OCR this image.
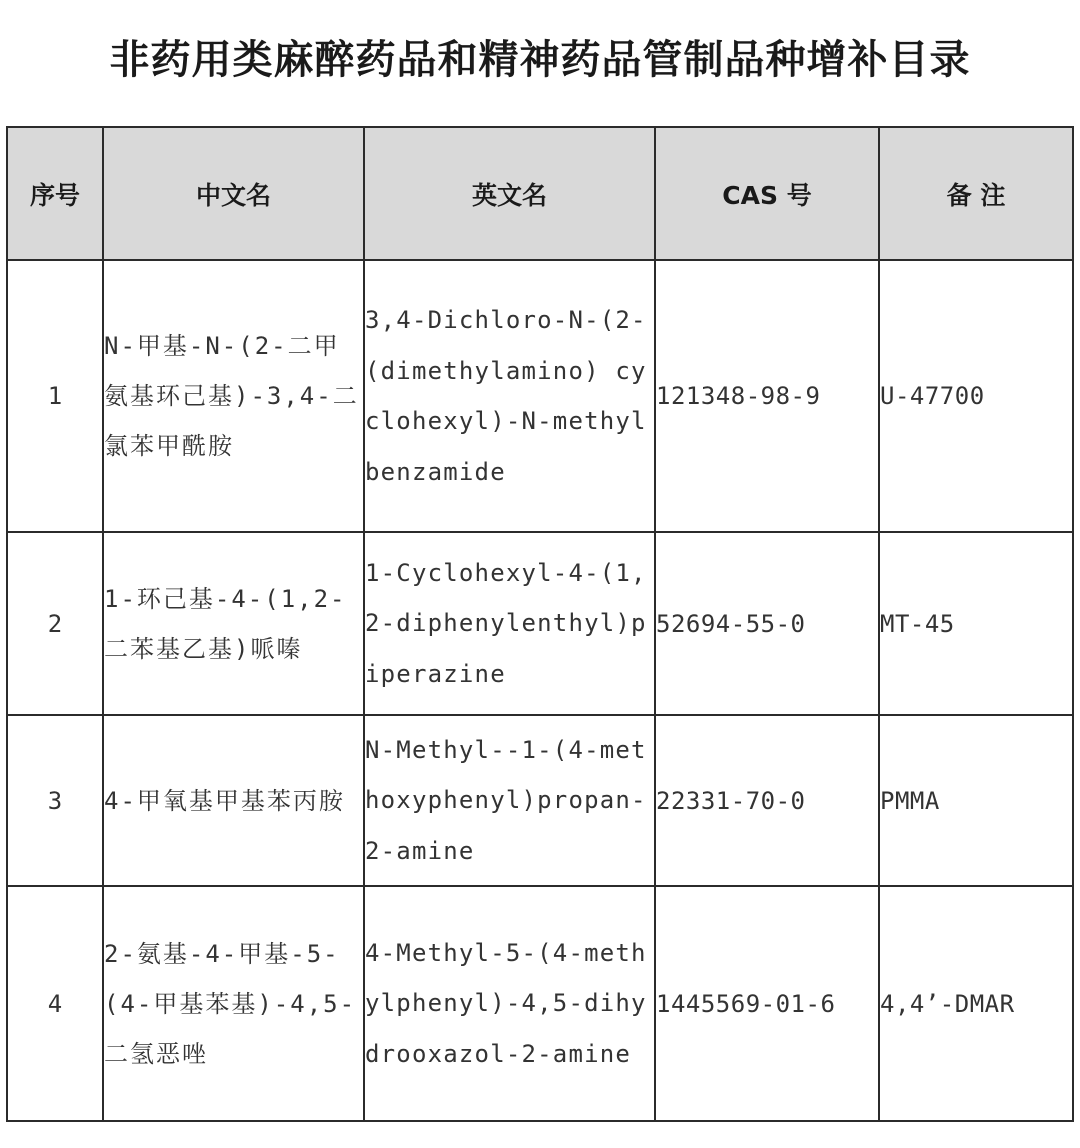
非药用类麻醉药品和精神药品管制品种增补目录
序号	中文名	英文名	CAS 号	备 注
1	N-甲基-N-(2-二甲氨基环己基)-3,4-二氯苯甲酰胺	3,4-Dichloro-N-(2-(dimethylamino) cyclohexyl)-N-methylbenzamide	121348-98-9	U-47700
2	1-环己基-4-(1,2-二苯基乙基)哌嗪	1-Cyclohexyl-4-(1,2-diphenylenthyl)piperazine	52694-55-0	MT-45
3	4-甲氧基甲基苯丙胺	N-Methyl--1-(4-methoxyphenyl)propan-2-amine	22331-70-0	PMMA
4	2-氨基-4-甲基-5-(4-甲基苯基)-4,5-二氢恶唑	4-Methyl-5-(4-methylphenyl)-4,5-dihydrooxazol-2-amine	1445569-01-6	4,4’-DMAR
